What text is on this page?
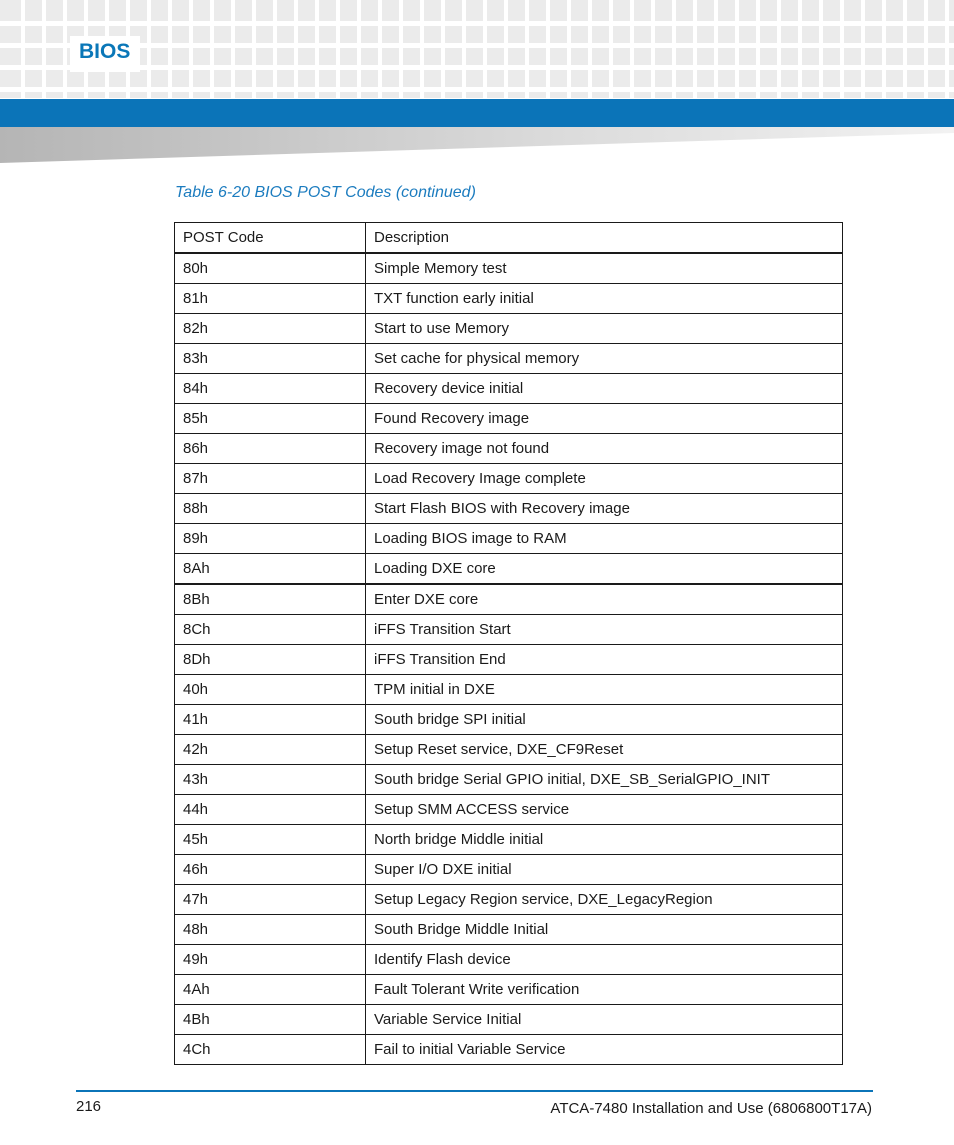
BIOS

Table 6-20 BIOS POST Codes (continued)

POST Code	Description
80h	Simple Memory test
81h	TXT function early initial
82h	Start to use Memory
83h	Set cache for physical memory
84h	Recovery device initial
85h	Found Recovery image
86h	Recovery image not found
87h	Load Recovery Image complete
88h	Start Flash BIOS with Recovery image
89h	Loading BIOS image to RAM
8Ah	Loading DXE core
8Bh	Enter DXE core
8Ch	iFFS Transition Start
8Dh	iFFS Transition End
40h	TPM initial in DXE
41h	South bridge SPI initial
42h	Setup Reset service, DXE_CF9Reset
43h	South bridge Serial GPIO initial, DXE_SB_SerialGPIO_INIT
44h	Setup SMM ACCESS service
45h	North bridge Middle initial
46h	Super I/O DXE initial
47h	Setup Legacy Region service, DXE_LegacyRegion
48h	South Bridge Middle Initial
49h	Identify Flash device
4Ah	Fault Tolerant Write verification
4Bh	Variable Service Initial
4Ch	Fail to initial Variable Service

216	ATCA-7480 Installation and Use (6806800T17A)
